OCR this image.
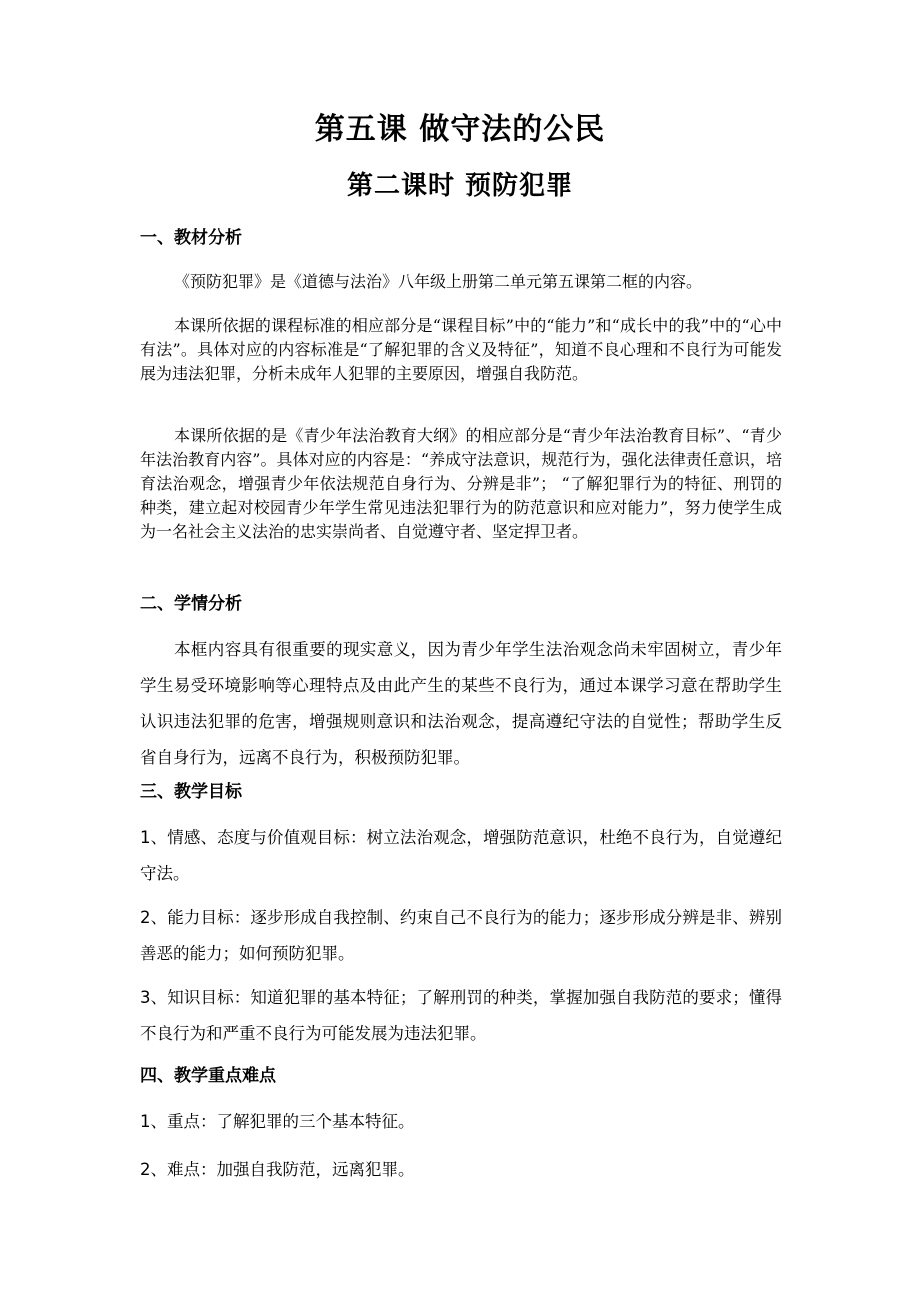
第五课 做守法的公民
第二课时 预防犯罪
一、教材分析
《预防犯罪》是《道德与法治》八年级上册第二单元第五课第二框的内容。
本课所依据的课程标准的相应部分是“课程目标”中的“能力”和“成长中的我”中的“心中有法”。具体对应的内容标准是“了解犯罪的含义及特征”，知道不良心理和不良行为可能发展为违法犯罪，分析未成年人犯罪的主要原因，增强自我防范。
本课所依据的是《青少年法治教育大纲》的相应部分是“青少年法治教育目标”、“青少年法治教育内容”。具体对应的内容是：“养成守法意识，规范行为，强化法律责任意识，培育法治观念，增强青少年依法规范自身行为、分辨是非”； “了解犯罪行为的特征、刑罚的种类，建立起对校园青少年学生常见违法犯罪行为的防范意识和应对能力”，努力使学生成为一名社会主义法治的忠实崇尚者、自觉遵守者、坚定捍卫者。
二、学情分析
本框内容具有很重要的现实意义，因为青少年学生法治观念尚未牢固树立，青少年学生易受环境影响等心理特点及由此产生的某些不良行为，通过本课学习意在帮助学生认识违法犯罪的危害，增强规则意识和法治观念，提高遵纪守法的自觉性；帮助学生反省自身行为，远离不良行为，积极预防犯罪。
三、教学目标
1、情感、态度与价值观目标：树立法治观念，增强防范意识，杜绝不良行为，自觉遵纪守法。
2、能力目标：逐步形成自我控制、约束自己不良行为的能力；逐步形成分辨是非、辨别善恶的能力；如何预防犯罪。
3、知识目标：知道犯罪的基本特征；了解刑罚的种类，掌握加强自我防范的要求；懂得不良行为和严重不良行为可能发展为违法犯罪。
四、教学重点难点
1、重点：了解犯罪的三个基本特征。
2、难点：加强自我防范，远离犯罪。
